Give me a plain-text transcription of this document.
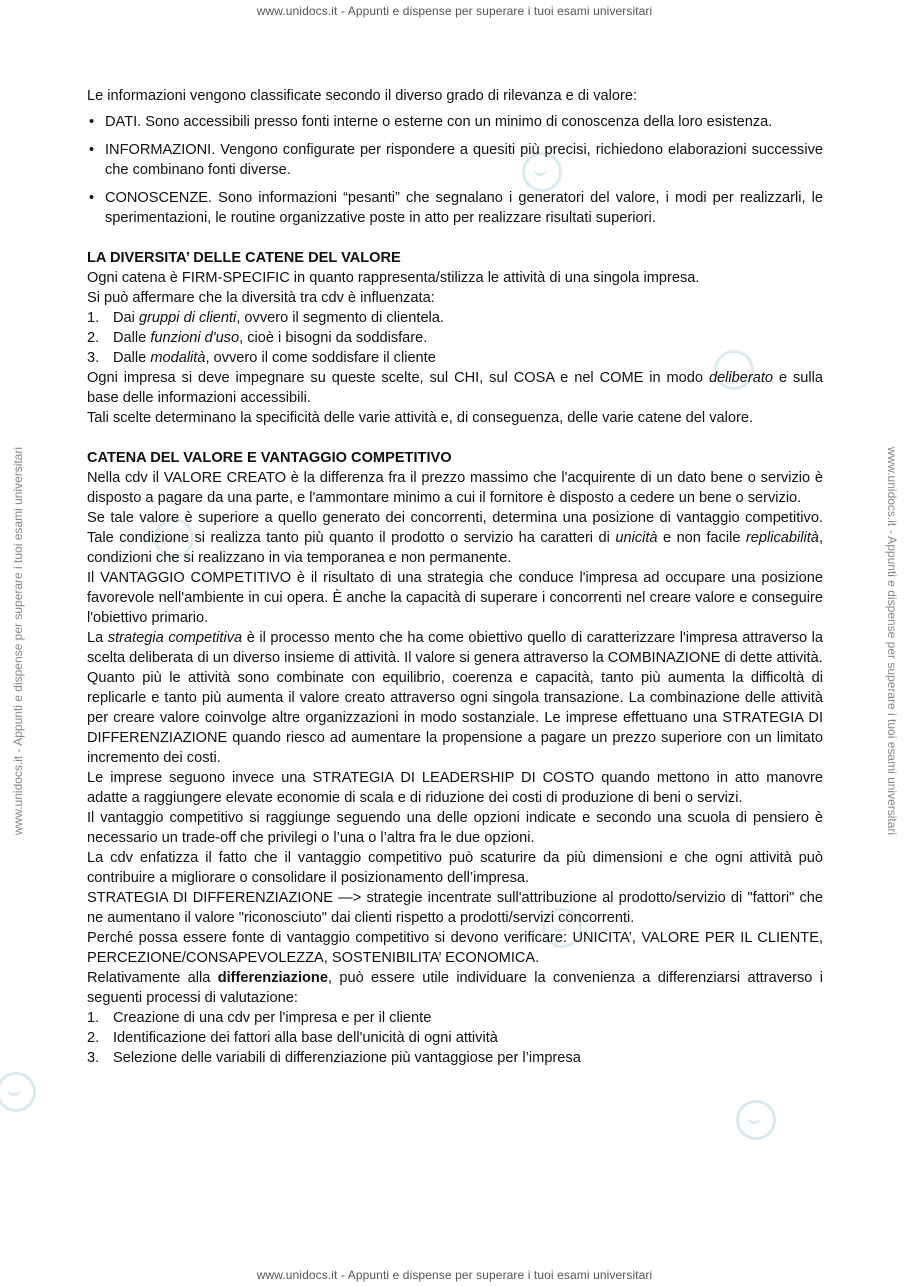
www.unidocs.it - Appunti e dispense per superare i tuoi esami universitari
www.unidocs.it - Appunti e dispense per superare i tuoi esami universitari	www.unidocs.it - Appunti e dispense per superare i tuoi esami universitari
www.unidocs.it - Appunti e dispense per superare i tuoi esami universitari

Le informazioni vengono classificate secondo il diverso grado di rilevanza e di valore:

• DATI. Sono accessibili presso fonti interne o esterne con un minimo di conoscenza della loro esistenza.
• INFORMAZIONI. Vengono configurate per rispondere a quesiti più precisi, richiedono elaborazioni successive che combinano fonti diverse.
• CONOSCENZE. Sono informazioni “pesanti” che segnalano i generatori del valore, i modi per realizzarli, le sperimentazioni, le routine organizzative poste in atto per realizzare risultati superiori.
LA DIVERSITA’ DELLE CATENE DEL VALORE

Ogni catena è FIRM-SPECIFIC in quanto rappresenta/stilizza le attività di una singola impresa.

Si può affermare che la diversità tra cdv è influenzata:

1. Dai gruppi di clienti, ovvero il segmento di clientela.
2. Dalle funzioni d'uso, cioè i bisogni da soddisfare.
3. Dalle modalità, ovvero il come soddisfare il cliente

Ogni impresa si deve impegnare su queste scelte, sul CHI, sul COSA e nel COME in modo deliberato e sulla base delle informazioni accessibili.

Tali scelte determinano la specificità delle varie attività e, di conseguenza, delle varie catene del valore.

CATENA DEL VALORE E VANTAGGIO COMPETITIVO

Nella cdv il VALORE CREATO è la differenza fra il prezzo massimo che l'acquirente di un dato bene o servizio è disposto a pagare da una parte, e l'ammontare minimo a cui il fornitore è disposto a cedere un bene o servizio.

Se tale valore è superiore a quello generato dei concorrenti, determina una posizione di vantaggio competitivo. Tale condizione si realizza tanto più quanto il prodotto o servizio ha caratteri di unicità e non facile replicabilità, condizioni che si realizzano in via temporanea e non permanente.

Il VANTAGGIO COMPETITIVO è il risultato di una strategia che conduce l'impresa ad occupare una posizione favorevole nell'ambiente in cui opera. È anche la capacità di superare i concorrenti nel creare valore e conseguire l'obiettivo primario.

La strategia competitiva è il processo mento che ha come obiettivo quello di caratterizzare l'impresa attraverso la scelta deliberata di un diverso insieme di attività. Il valore si genera attraverso la COMBINAZIONE di dette attività.

Quanto più le attività sono combinate con equilibrio, coerenza e capacità, tanto più aumenta la difficoltà di replicarle e tanto più aumenta il valore creato attraverso ogni singola transazione. La combinazione delle attività per creare valore coinvolge altre organizzazioni in modo sostanziale. Le imprese effettuano una STRATEGIA DI DIFFERENZIAZIONE quando riesco ad aumentare la propensione a pagare un prezzo superiore con un limitato incremento dei costi.

Le imprese seguono invece una STRATEGIA DI LEADERSHIP DI COSTO quando mettono in atto manovre adatte a raggiungere elevate economie di scala e di riduzione dei costi di produzione di beni o servizi.

Il vantaggio competitivo si raggiunge seguendo una delle opzioni indicate e secondo una scuola di pensiero è necessario un trade-off che privilegi o l’una o l’altra fra le due opzioni.

La cdv enfatizza il fatto che il vantaggio competitivo può scaturire da più dimensioni e che ogni attività può contribuire a migliorare o consolidare il posizionamento dell’impresa.

STRATEGIA DI DIFFERENZIAZIONE —> strategie incentrate sull'attribuzione al prodotto/servizio di "fattori" che ne aumentano il valore "riconosciuto" dai clienti rispetto a prodotti/servizi concorrenti.

Perché possa essere fonte di vantaggio competitivo si devono verificare: UNICITA’, VALORE PER IL CLIENTE, PERCEZIONE/CONSAPEVOLEZZA, SOSTENIBILITA’ ECONOMICA.

Relativamente alla differenziazione, può essere utile individuare la convenienza a differenziarsi attraverso i seguenti processi di valutazione:

1. Creazione di una cdv per l'impresa e per il cliente
2. Identificazione dei fattori alla base dell'unicità di ogni attività
3. Selezione delle variabili di differenziazione più vantaggiose per l’impresa
